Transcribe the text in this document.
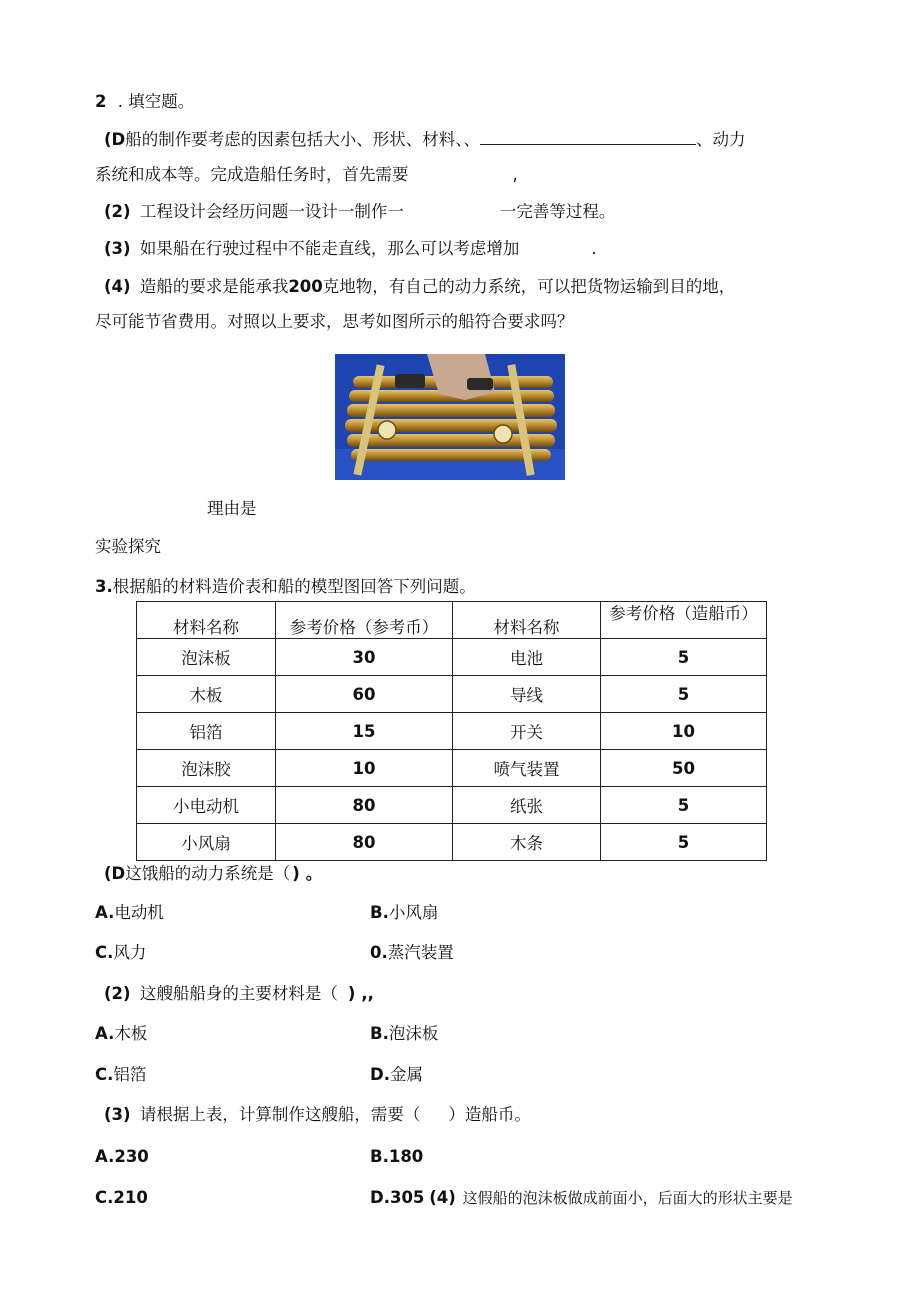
2 . 填空题。
(D船的制作要考虑的因素包括大小、形状、材料、、	、动力
系统和成本等。完成造船任务时，首先需要	,
(2) 工程设计会经历问题一设计一制作一	一完善等过程。
(3) 如果船在行驶过程中不能走直线，那么可以考虑增加	.
(4) 造船的要求是能承我200克地物，有自己的动力系统，可以把货物运输到目的地，
尽可能节省费用。对照以上要求，思考如图所示的船符合要求吗？
理由是
实验探究
3.根据船的材料造价表和船的模型图回答下列问题。
材料名称	参考价格（参考币）	材料名称	参考价格（造船币）

泡沫板	30	电池	5
木板	60	导线	5
铝箔	15	开关	10
泡沫胶	10	喷气装置	50
小电动机	80	纸张	5
小风扇	80	木条	5
(D这饿船的动力系统是（ ) 。
A.电动机	B.小风扇
C.风力	0.蒸汽装置
(2) 这艘船船身的主要材料是（ ) ,,
A.木板	B.泡沫板
C.铝箔	D.金属
(3) 请根据上表，计算制作这艘船，需要（ ）造船币。
A.230	B.180
C.210	D.305 (4) 这假船的泡沫板做成前面小，后面大的形状主要是
